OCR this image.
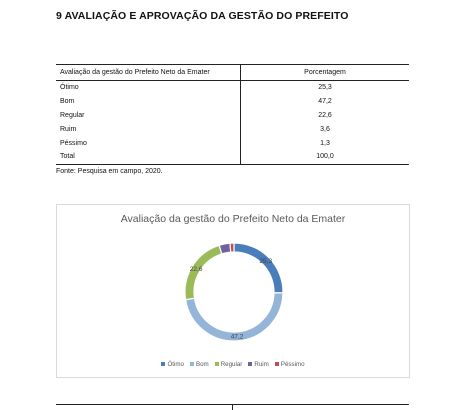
9 AVALIAÇÃO E APROVAÇÃO DA GESTÃO DO PREFEITO
Avaliação da gestão do Prefeito Neto da Emater	Porcentagem
Ótimo	25,3
Bom	47,2
Regular	22,6
Ruim	3,6
Péssimo	1,3
Total	100,0
Fonte: Pesquisa em campo, 2020.
Avaliação da gestão do Prefeito Neto da Emater
25,3
47,2
22,6
Ótimo Bom Regular Ruim Péssimo
